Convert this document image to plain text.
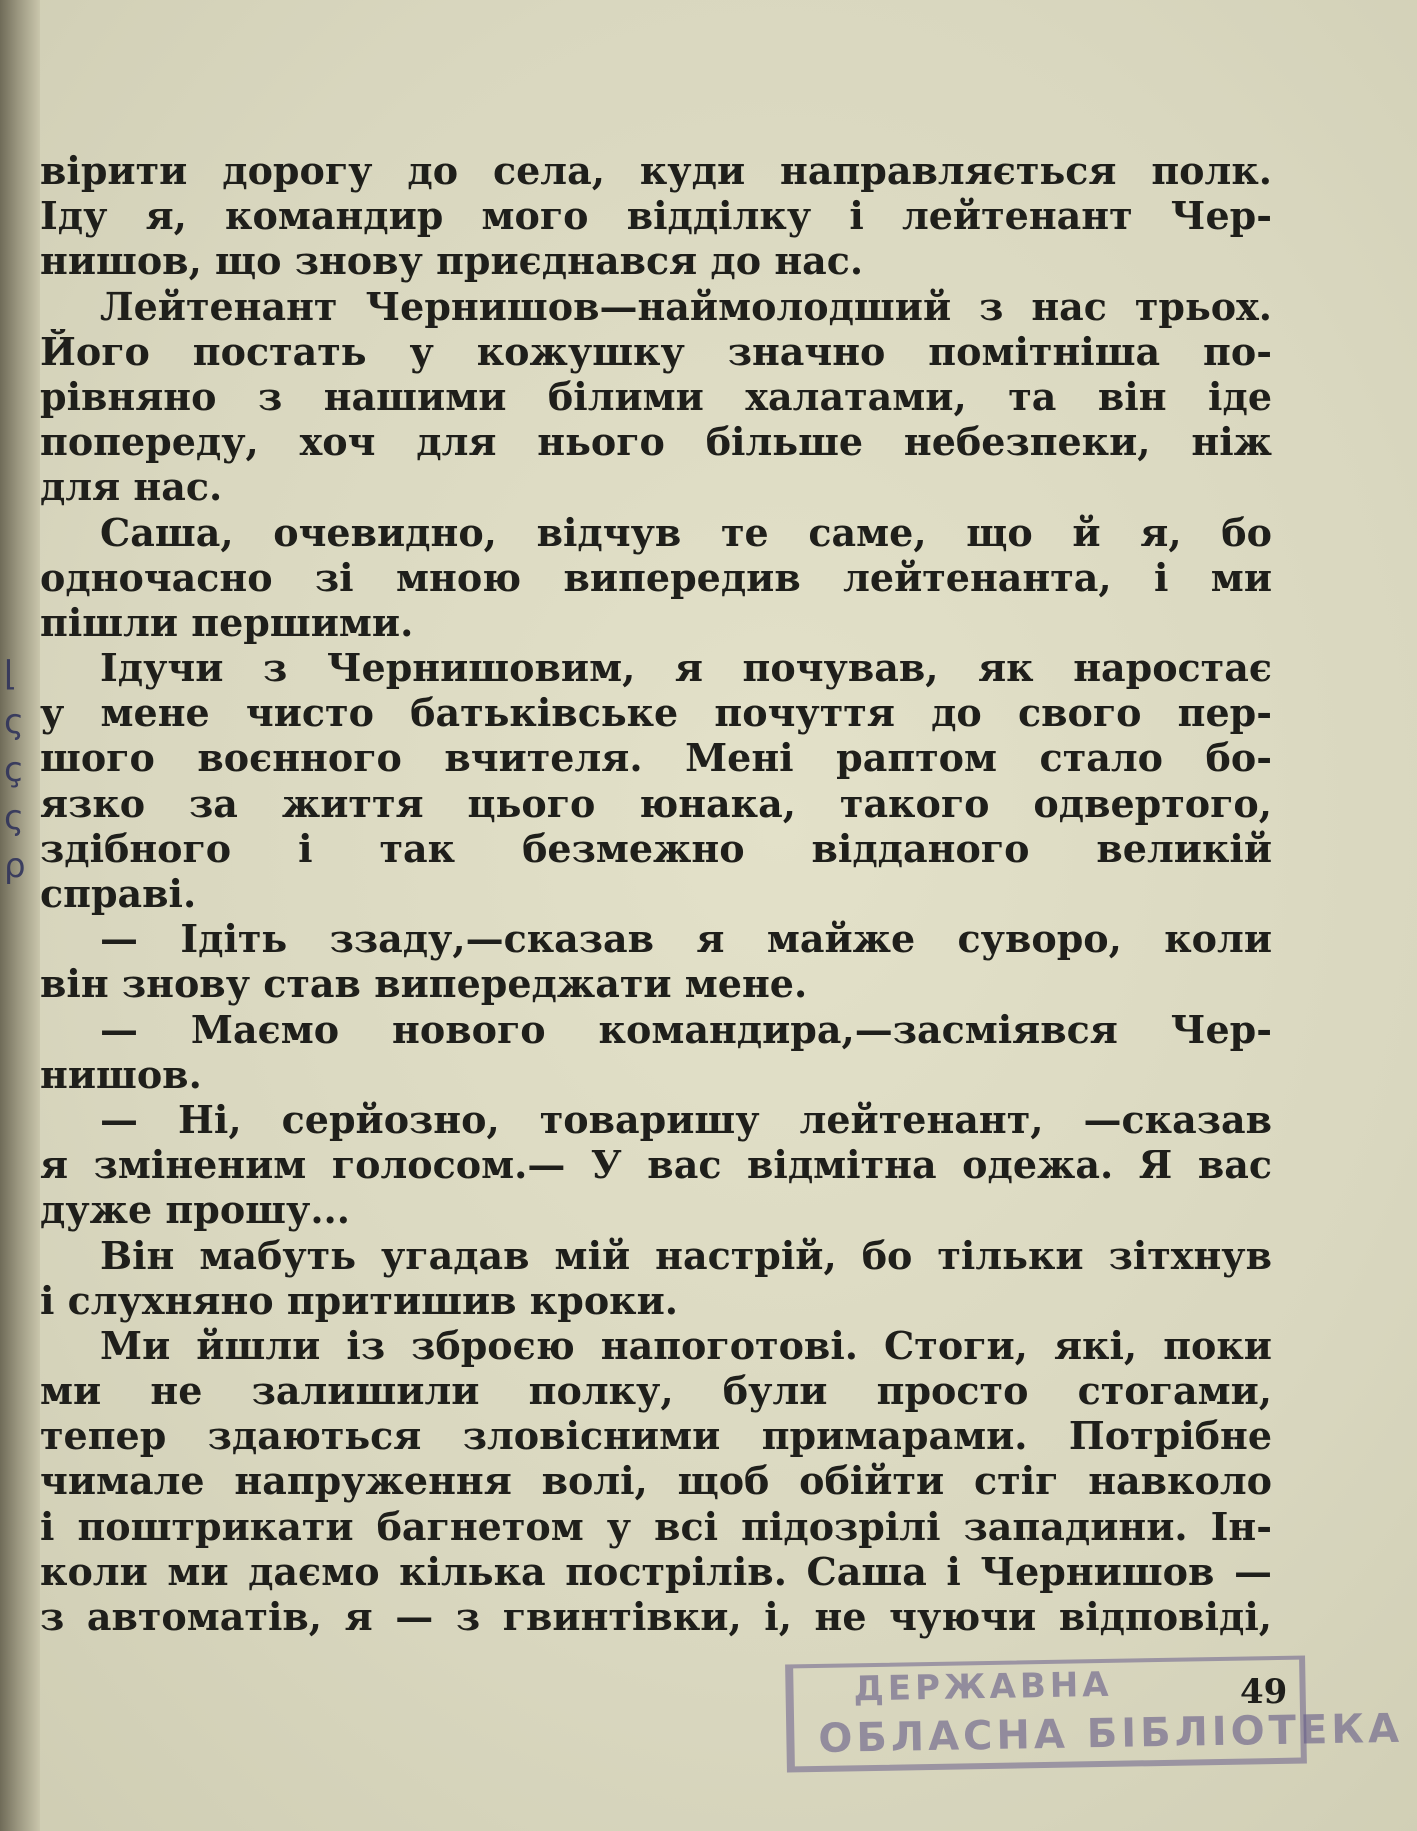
⌊
ς
ç
ς
ρ
вірити дорогу до села, куди направляється полк.
Іду я, командир мого відділку і лейтенант Чер-
нишов, що знову приєднався до нас.
Лейтенант Чернишов—наймолодший з нас трьох.
Його постать у кожушку значно помітніша по-
рівняно з нашими білими халатами, та він іде
попереду, хоч для нього більше небезпеки, ніж
для нас.
Саша, очевидно, відчув те саме, що й я, бо
одночасно зі мною випередив лейтенанта, і ми
пішли першими.
Ідучи з Чернишовим, я почував, як наростає
у мене чисто батьківське почуття до свого пер-
шого воєнного вчителя. Мені раптом стало бо-
язко за життя цього юнака, такого одвертого,
здібного і так безмежно відданого великій
справі.
— Ідіть ззаду,—сказав я майже суворо, коли
він знову став випереджати мене.
— Маємо нового командира,—засміявся Чер-
нишов.
— Ні, серйозно, товаришу лейтенант, —сказав
я зміненим голосом.— У вас відмітна одежа. Я вас
дуже прошу...
Він мабуть угадав мій настрій, бо тільки зітхнув
і слухняно притишив кроки.
Ми йшли із зброєю напоготові. Стоги, які, поки
ми не залишили полку, були просто стогами,
тепер здаються зловісними примарами. Потрібне
чимале напруження волі, щоб обійти стіг навколо
і поштрикати багнетом у всі підозрілі западини. Ін-
коли ми даємо кілька пострілів. Саша і Чернишов —
з автоматів, я — з гвинтівки, і, не чуючи відповіді,
ДЕРЖАВНА
ОБЛАСНА БІБЛІОТЕКА
49
